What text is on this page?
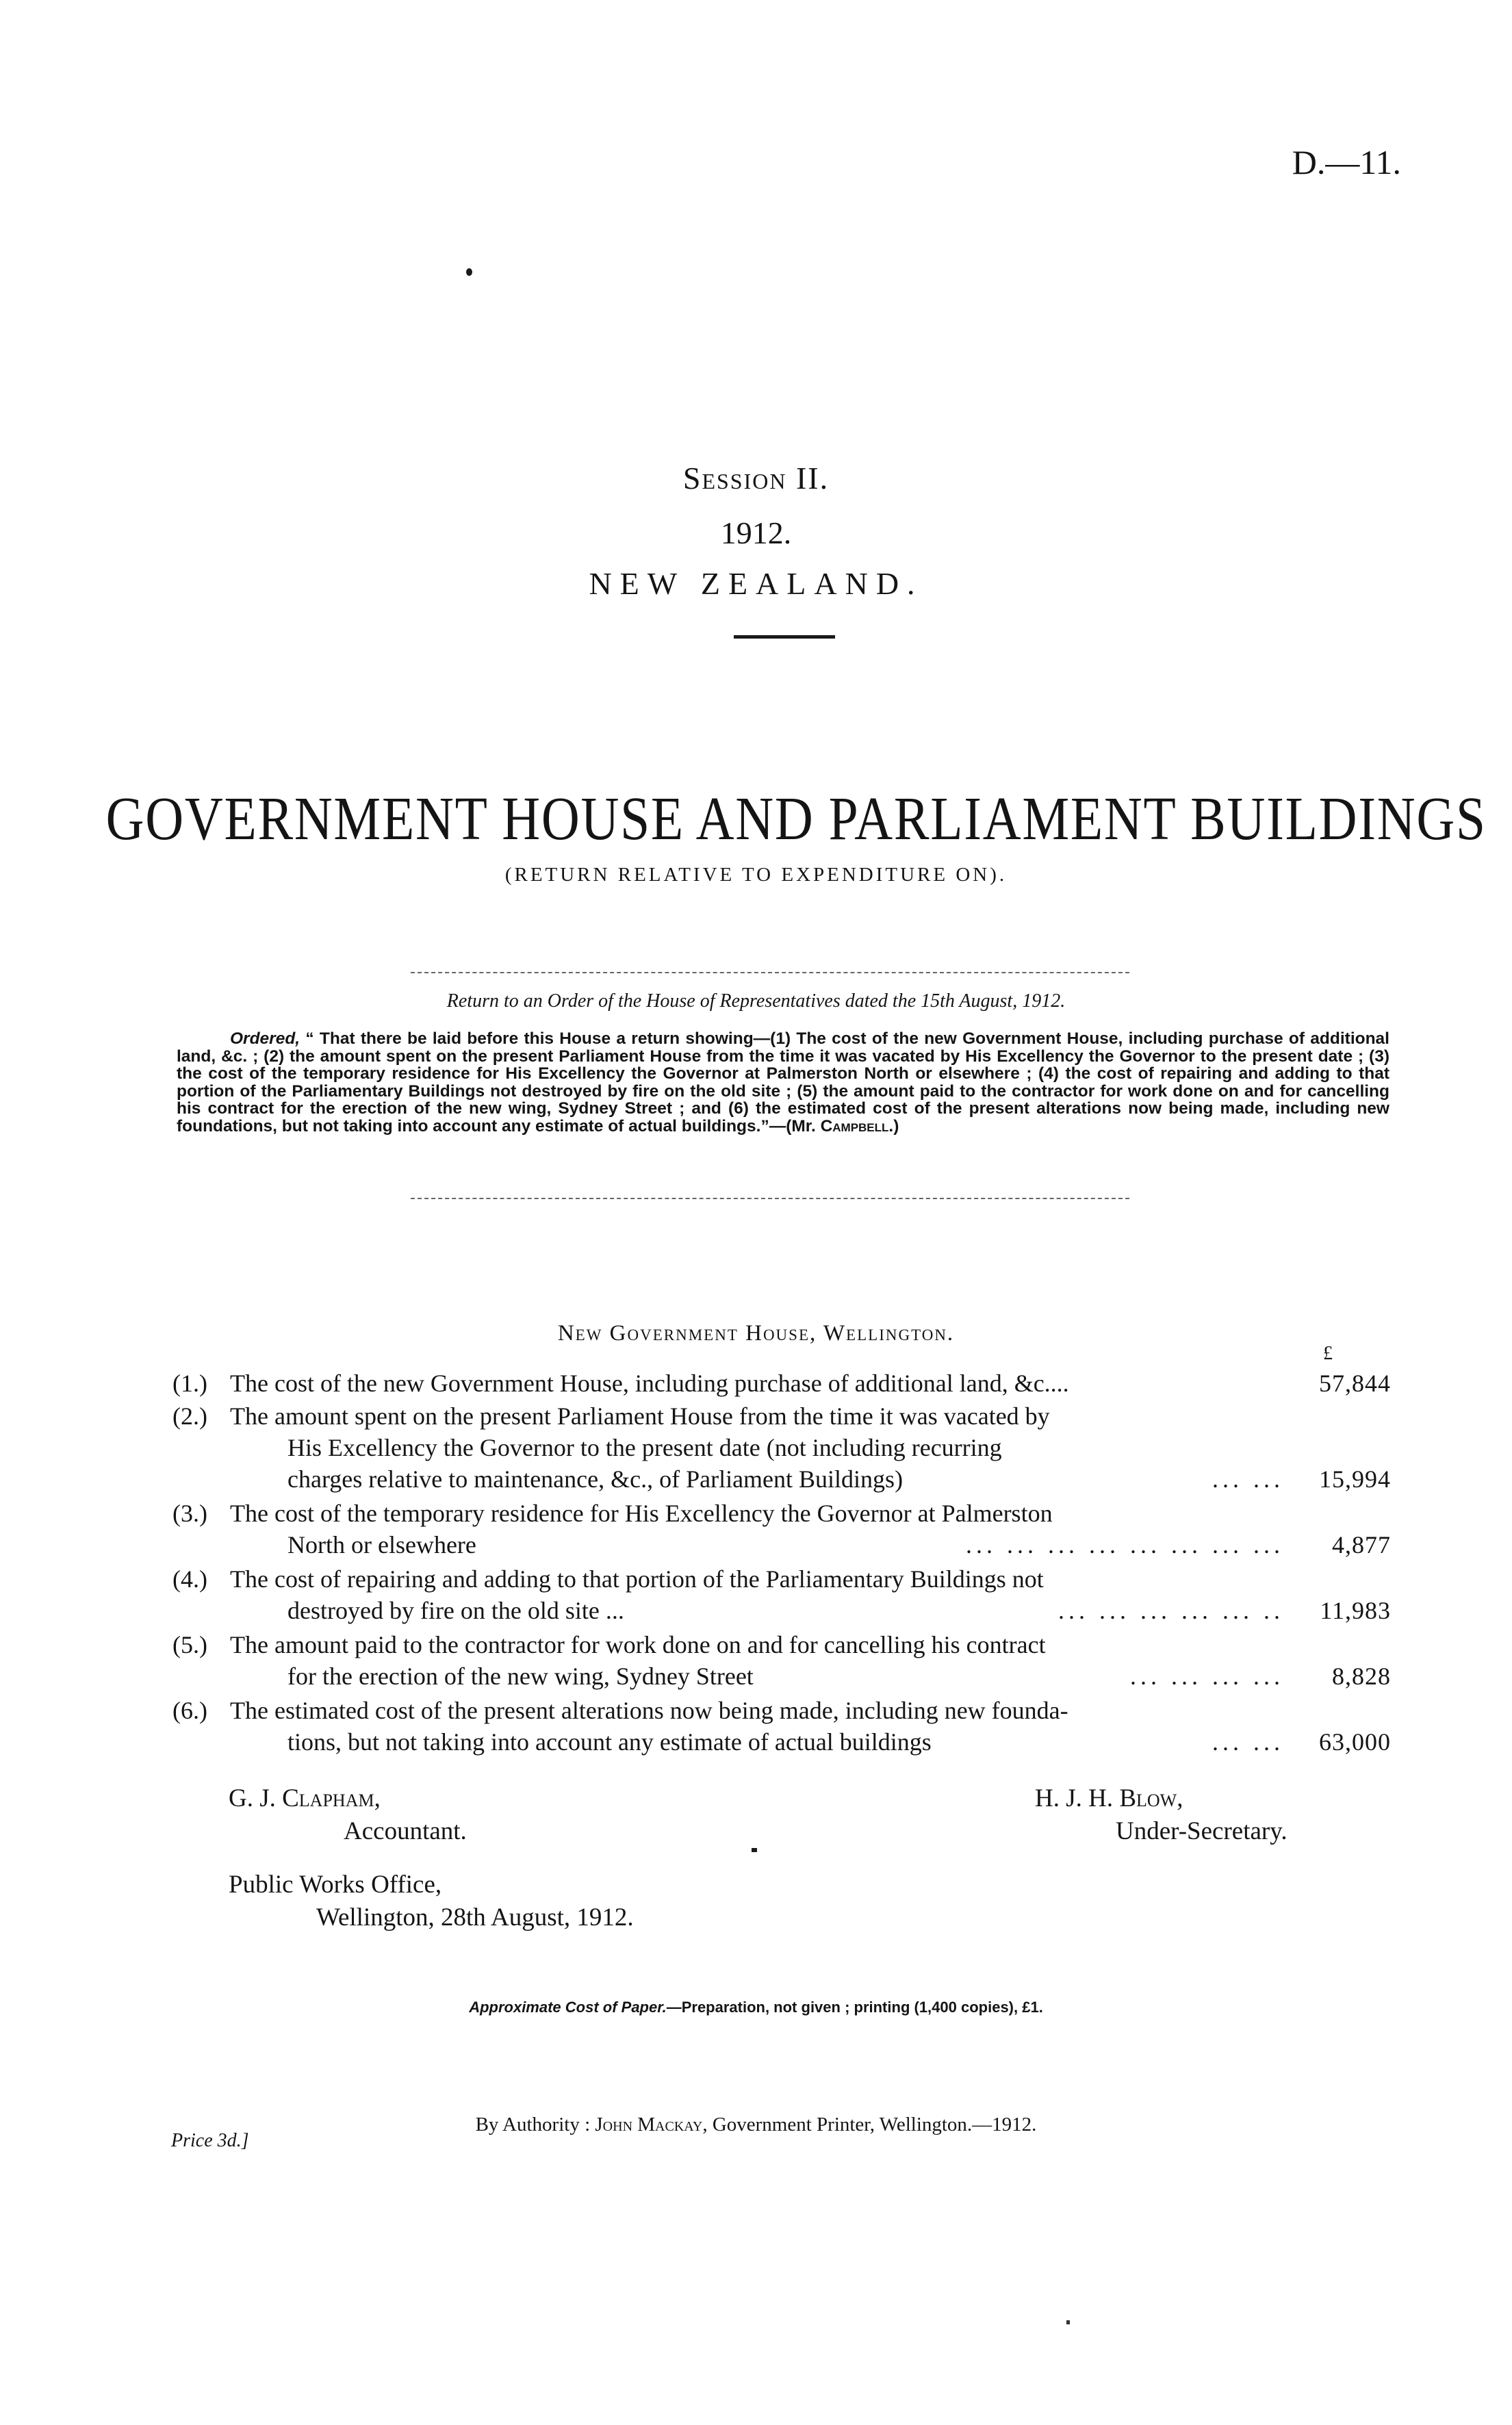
D.—11.
Session II.
1912.
NEW ZEALAND.
GOVERNMENT HOUSE AND PARLIAMENT BUILDINGS
(RETURN RELATIVE TO EXPENDITURE ON).
Return to an Order of the House of Representatives dated the 15th August, 1912.
Ordered, “ That there be laid before this House a return showing—(1) The cost of the new Government House, including purchase of additional land, &c. ; (2) the amount spent on the present Parliament House from the time it was vacated by His Excellency the Governor to the present date ; (3) the cost of the temporary residence for His Excellency the Governor at Palmerston North or elsewhere ; (4) the cost of repairing and adding to that portion of the Parliamentary Buildings not destroyed by fire on the old site ; (5) the amount paid to the contractor for work done on and for cancelling his contract for the erection of the new wing, Sydney Street ; and (6) the estimated cost of the present alterations now being made, including new foundations, but not taking into account any estimate of actual buildings.”—(Mr. Campbell.)
New Government House, Wellington.
£
(1.) The cost of the new Government House, including purchase of additional land, &c....	57,844
(2.) The amount spent on the present Parliament House from the time it was vacated by
His Excellency the Governor to the present date (not including recurring
charges relative to maintenance, &c., of Parliament Buildings)	... ...	15,994
(3.) The cost of the temporary residence for His Excellency the Governor at Palmerston
North or elsewhere	... ... ... ... ... ... ... ...	4,877
(4.) The cost of repairing and adding to that portion of the Parliamentary Buildings not
destroyed by fire on the old site ...	... ... ... ... ... ..	11,983
(5.) The amount paid to the contractor for work done on and for cancelling his contract
for the erection of the new wing, Sydney Street	... ... ... ...	8,828
(6.) The estimated cost of the present alterations now being made, including new founda-
tions, but not taking into account any estimate of actual buildings	... ...	63,000
G. J. Clapham,
Accountant.
H. J. H. Blow,
Under-Secretary.
Public Works Office,
Wellington, 28th August, 1912.
Approximate Cost of Paper.—Preparation, not given ; printing (1,400 copies), £1.
By Authority : John Mackay, Government Printer, Wellington.—1912.
Price 3d.]
